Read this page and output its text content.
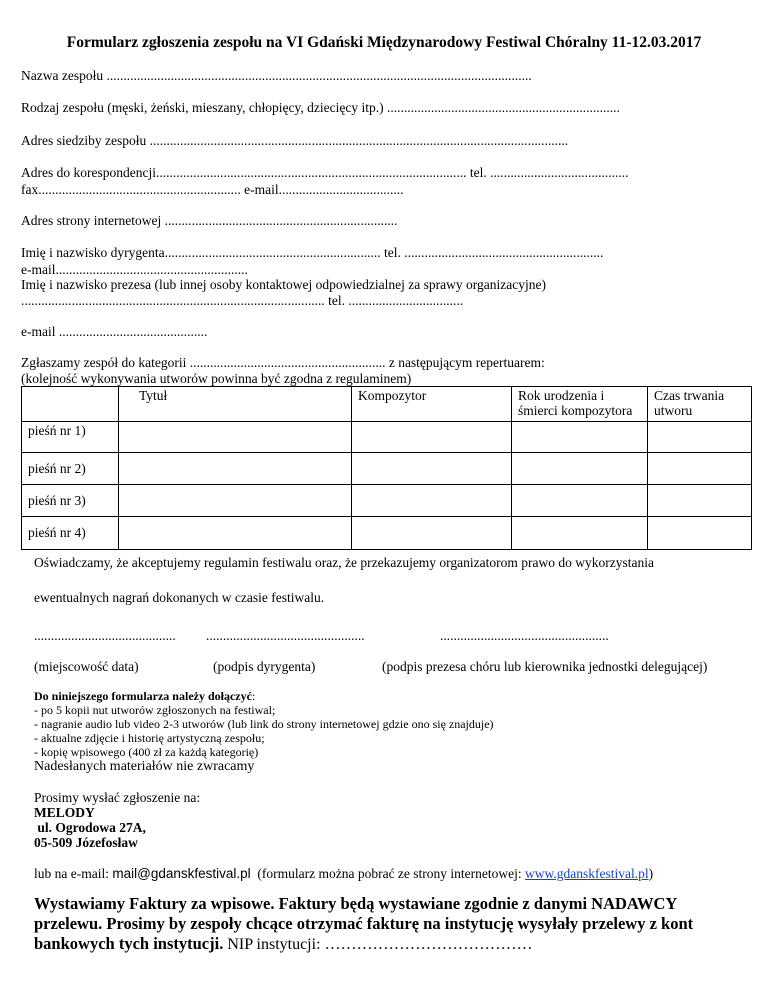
Formularz zgłoszenia zespołu na VI Gdański Międzynarodowy Festiwal Chóralny 11-12.03.2017
Nazwa zespołu ..............................................................................................................................
Rodzaj zespołu (męski, żeński, mieszany, chłopięcy, dziecięcy itp.) .....................................................................
Adres siedziby zespołu ............................................................................................................................
Adres do korespondencji............................................................................................ tel. .........................................
fax............................................................ e-mail.....................................
Adres strony internetowej .....................................................................
Imię i nazwisko dyrygenta................................................................ tel. ...........................................................
e-mail.........................................................
Imię i nazwisko prezesa (lub innej osoby kontaktowej odpowiedzialnej za sprawy organizacyjne)
.......................................................................................... tel. ..................................
e-mail ............................................
Zgłaszamy zespół do kategorii .......................................................... z następującym repertuarem:
(kolejność wykonywania utworów powinna być zgodna z regulaminem)
	Tytuł	Kompozytor	Rok urodzenia i śmierci kompozytora	Czas trwania utworu
pieśń nr 1)				
pieśń nr 2)				
pieśń nr 3)				
pieśń nr 4)				
Oświadczamy, że akceptujemy regulamin festiwalu oraz, że przekazujemy organizatorom prawo do wykorzystania
ewentualnych nagrań dokonanych w czasie festiwalu.
.......................................... ...............................................	..................................................
(miejscowość data)	(podpis dyrygenta)	(podpis prezesa chóru lub kierownika jednostki delegującej)
Do niniejszego formularza należy dołączyć:
- po 5 kopii nut utworów zgłoszonych na festiwal;
- nagranie audio lub video 2-3 utworów (lub link do strony internetowej gdzie ono się znajduje)
- aktualne zdjęcie i historię artystyczną zespołu;
- kopię wpisowego (400 zł za każdą kategorię)
Nadesłanych materiałów nie zwracamy
Prosimy wysłać zgłoszenie na:
MELODY
ul. Ogrodowa 27A,
05-509 Józefosław
lub na e-mail: mail@gdanskfestival.pl  (formularz można pobrać ze strony internetowej: www.gdanskfestival.pl)
Wystawiamy Faktury za wpisowe. Faktury będą wystawiane zgodnie z danymi NADAWCY przelewu. Prosimy by zespoły chcące otrzymać fakturę na instytucję wysyłały przelewy z kont bankowych tych instytucji. NIP instytucji: …………………………………
